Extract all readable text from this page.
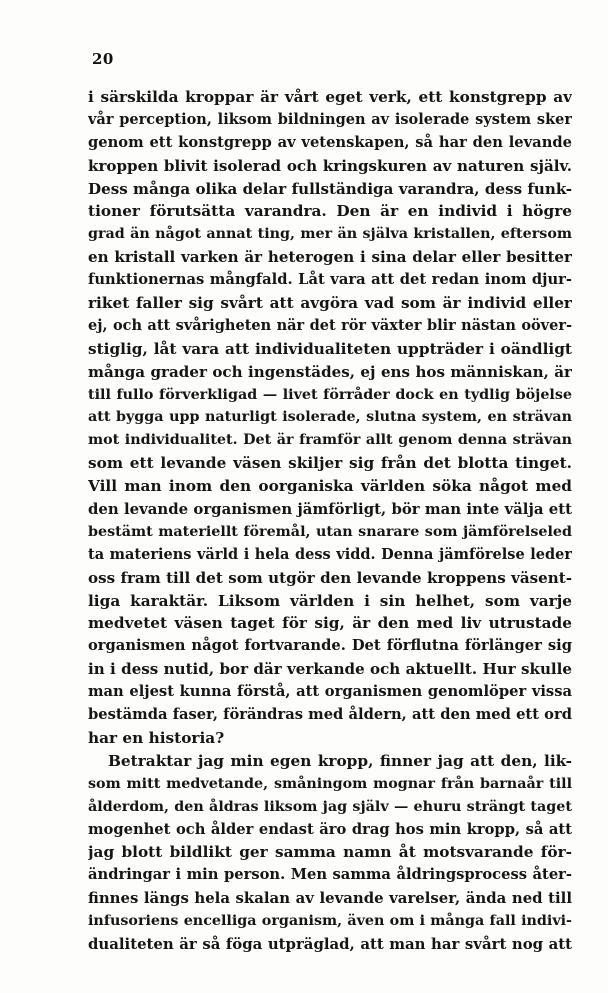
20
i särskilda kroppar är vårt eget verk, ett konstgrepp av
vår perception, liksom bildningen av isolerade system sker
genom ett konstgrepp av vetenskapen, så har den levande
kroppen blivit isolerad och kringskuren av naturen själv.
Dess många olika delar fullständiga varandra, dess funk-
tioner förutsätta varandra. Den är en individ i högre
grad än något annat ting, mer än själva kristallen, eftersom
en kristall varken är heterogen i sina delar eller besitter
funktionernas mångfald. Låt vara att det redan inom djur-
riket faller sig svårt att avgöra vad som är individ eller
ej, och att svårigheten när det rör växter blir nästan oöver-
stiglig, låt vara att individualiteten uppträder i oändligt
många grader och ingenstädes, ej ens hos människan, är
till fullo förverkligad — livet förråder dock en tydlig böjelse
att bygga upp naturligt isolerade, slutna system, en strävan
mot individualitet. Det är framför allt genom denna strävan
som ett levande väsen skiljer sig från det blotta tinget.
Vill man inom den oorganiska världen söka något med
den levande organismen jämförligt, bör man inte välja ett
bestämt materiellt föremål, utan snarare som jämförelseled
ta materiens värld i hela dess vidd. Denna jämförelse leder
oss fram till det som utgör den levande kroppens väsent-
liga karaktär. Liksom världen i sin helhet, som varje
medvetet väsen taget för sig, är den med liv utrustade
organismen något fortvarande. Det förflutna förlänger sig
in i dess nutid, bor där verkande och aktuellt. Hur skulle
man eljest kunna förstå, att organismen genomlöper vissa
bestämda faser, förändras med åldern, att den med ett ord
har en historia?
Betraktar jag min egen kropp, finner jag att den, lik-
som mitt medvetande, småningom mognar från barnaår till
ålderdom, den åldras liksom jag själv — ehuru strängt taget
mogenhet och ålder endast äro drag hos min kropp, så att
jag blott bildlikt ger samma namn åt motsvarande för-
ändringar i min person. Men samma åldringsprocess åter-
finnes längs hela skalan av levande varelser, ända ned till
infusoriens encelliga organism, även om i många fall indivi-
dualiteten är så föga utpräglad, att man har svårt nog att
